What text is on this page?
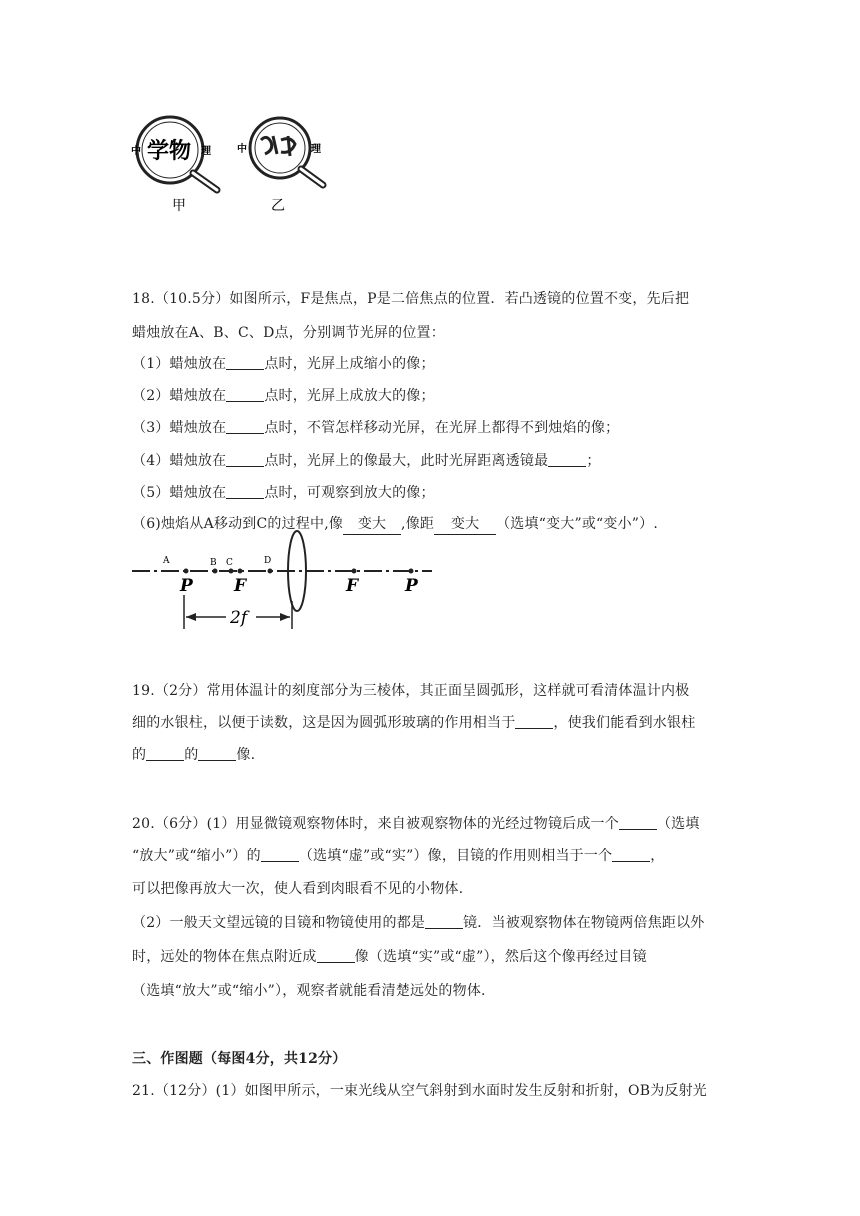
中 学物 理	中	理
甲	乙
18.（10.5分）如图所示，F是焦点，P是二倍焦点的位置．若凸透镜的位置不变，先后把
蜡烛放在A、B、C、D点，分别调节光屏的位置：
（1）蜡烛放在	点时，光屏上成缩小的像；
（2）蜡烛放在	点时，光屏上成放大的像；
（3）蜡烛放在	点时，不管怎样移动光屏，在光屏上都得不到烛焰的像；
（4）蜡烛放在	点时，光屏上的像最大，此时光屏距离透镜最	；
（5）蜡烛放在	点时，可观察到放大的像；
（6)烛焰从A移动到C的过程中,像 变大 ,像距 变大 （选填“变大”或“变小”）.
A	B C	D
P F	F	P
2f
19.（2分）常用体温计的刻度部分为三棱体，其正面呈圆弧形，这样就可看清体温计内极
细的水银柱，以便于读数，这是因为圆弧形玻璃的作用相当于	，使我们能看到水银柱
的	的	像.
20.（6分）(1）用显微镜观察物体时，来自被观察物体的光经过物镜后成一个	（选填
“放大”或“缩小”）的	（选填“虚”或“实”）像，目镜的作用则相当于一个	，
可以把像再放大一次，使人看到肉眼看不见的小物体.
（2）一般天文望远镜的目镜和物镜使用的都是	镜．当被观察物体在物镜两倍焦距以外
时，远处的物体在焦点附近成	像（选填“实”或“虚”），然后这个像再经过目镜
（选填“放大”或“缩小”），观察者就能看清楚远处的物体.
三、作图题（每图4分，共12分）
21.（12分）(1）如图甲所示，一束光线从空气斜射到水面时发生反射和折射，OB为反射光
